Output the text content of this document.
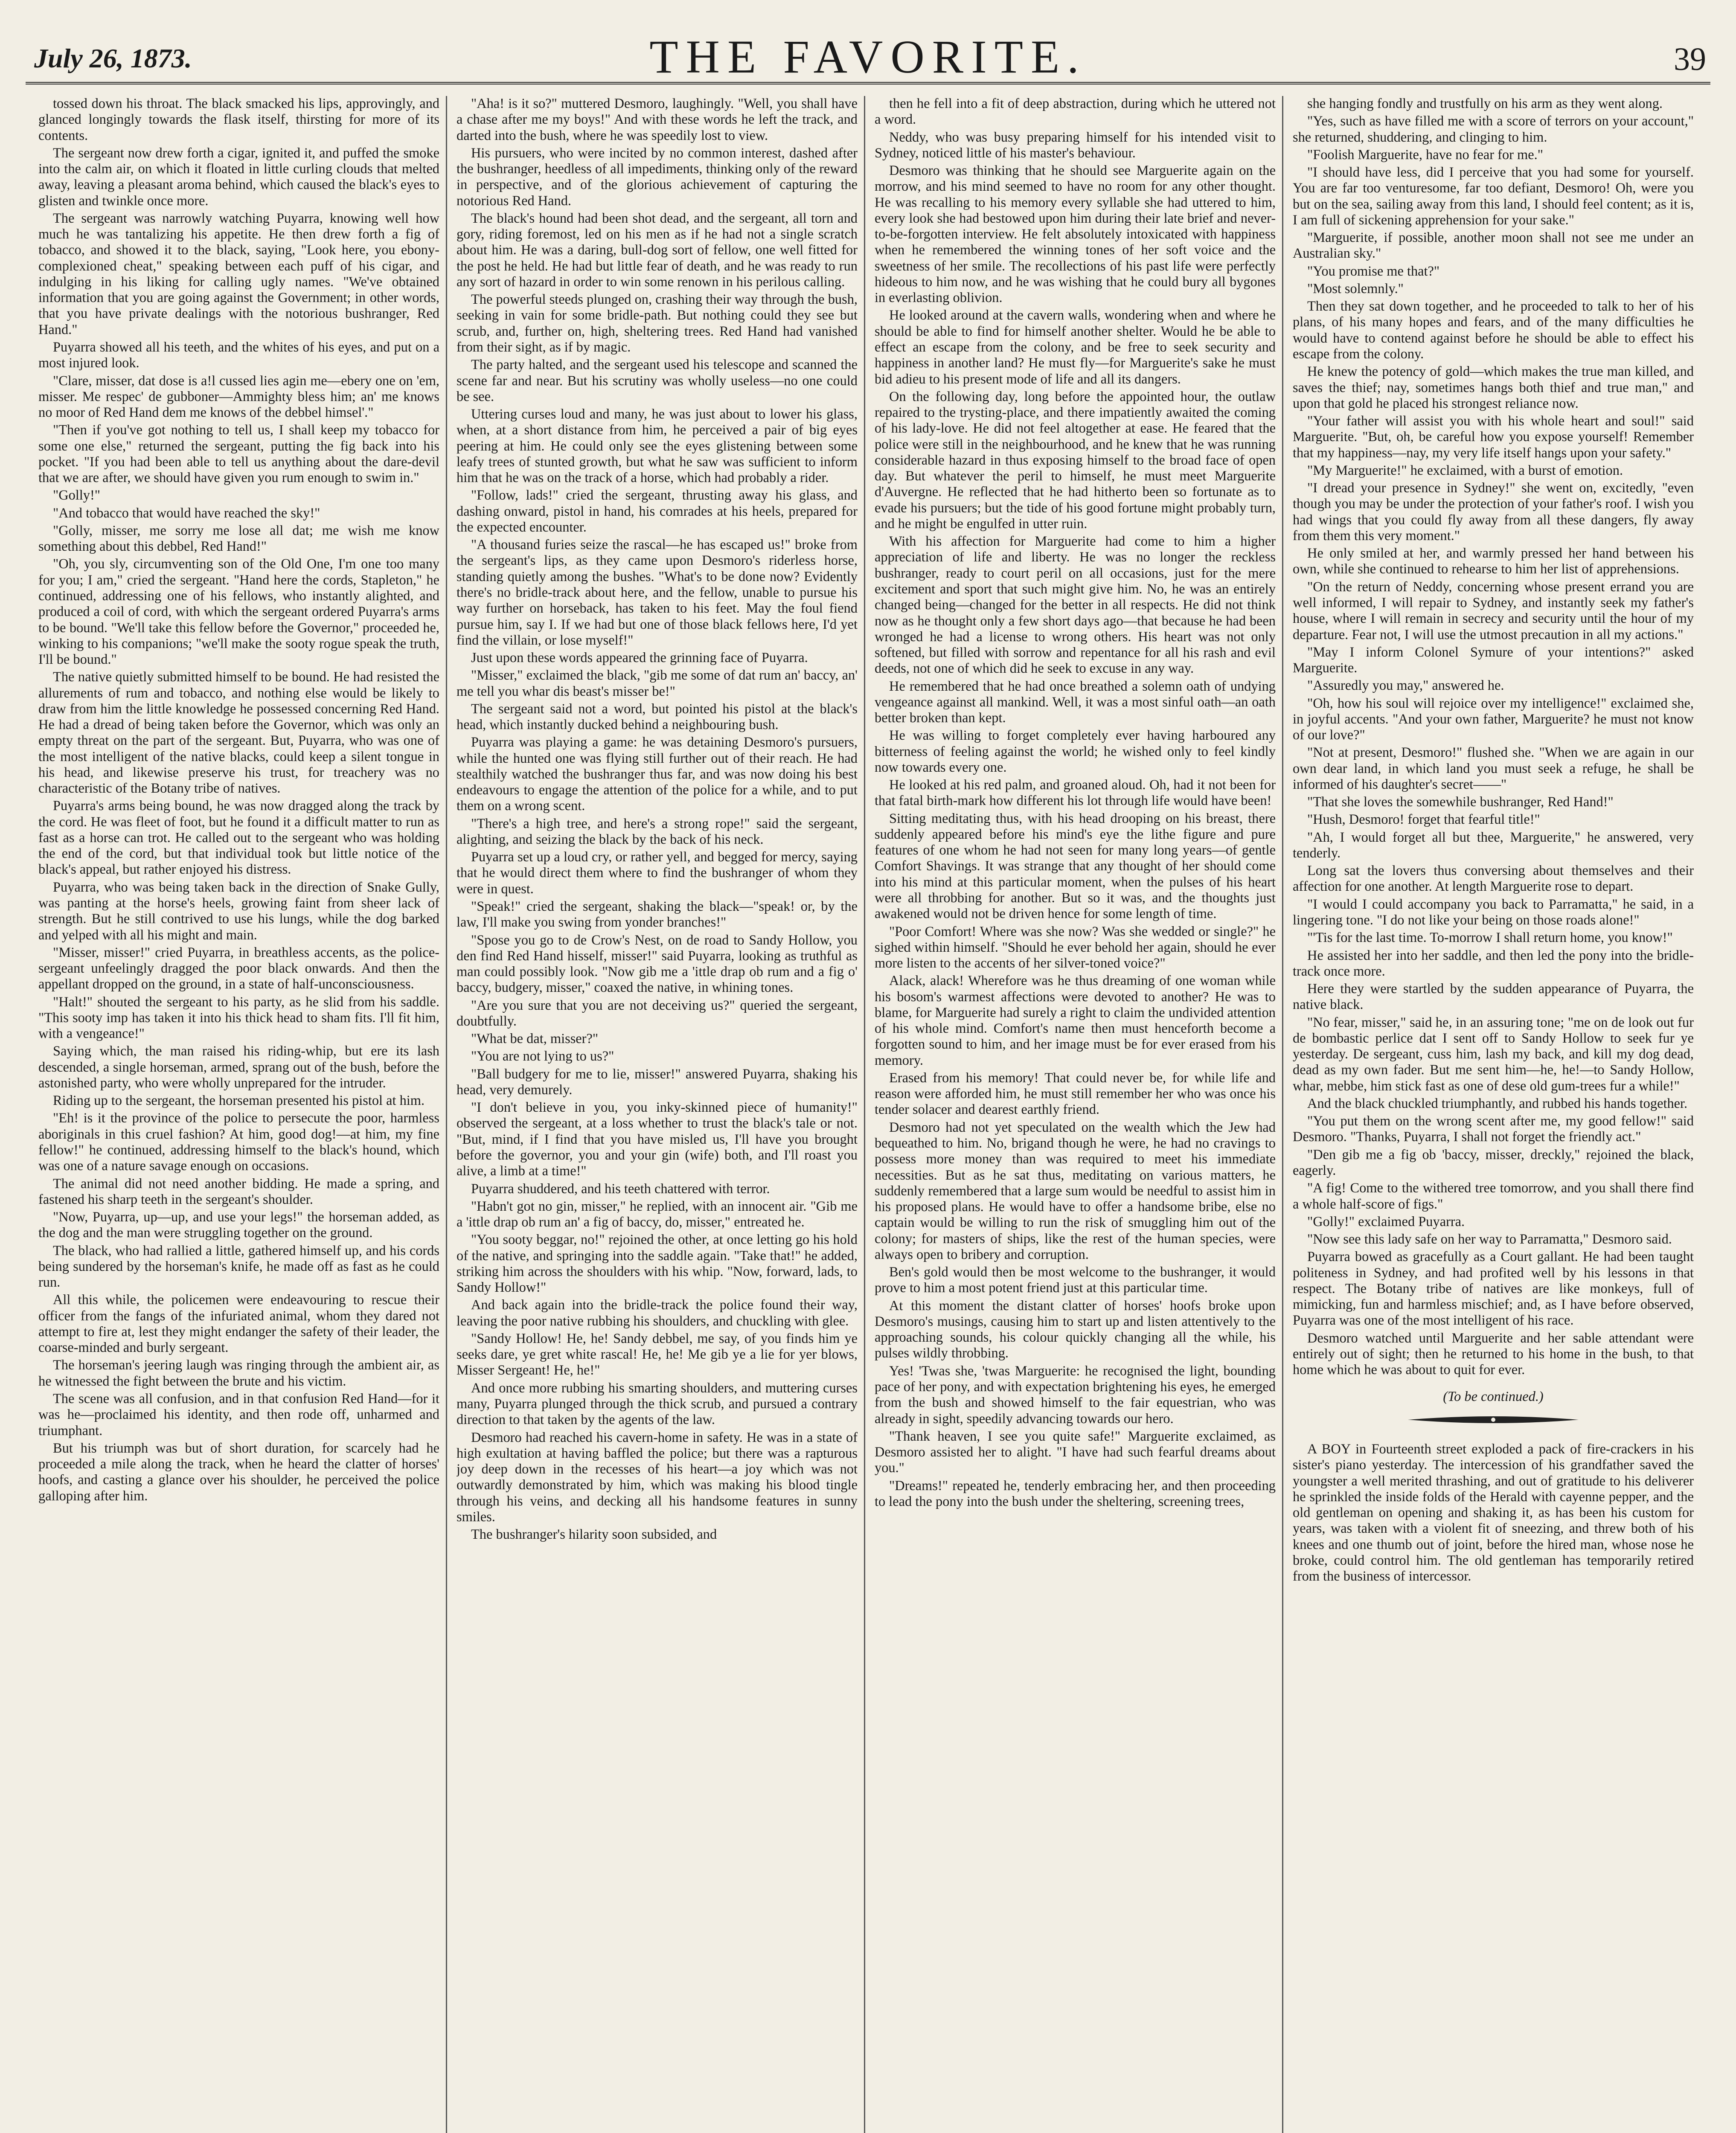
July 26, 1873.	THE FAVORITE.	39

tossed down his throat. The black smacked his lips, approvingly, and glanced longingly towards the flask itself, thirsting for more of its contents.

The sergeant now drew forth a cigar, ignited it, and puffed the smoke into the calm air, on which it floated in little curling clouds that melted away, leaving a pleasant aroma behind, which caused the black's eyes to glisten and twinkle once more.

The sergeant was narrowly watching Puyarra, knowing well how much he was tantalizing his appetite. He then drew forth a fig of tobacco, and showed it to the black, saying, "Look here, you ebony-complexioned cheat," speaking between each puff of his cigar, and indulging in his liking for calling ugly names. "We've obtained information that you are going against the Government; in other words, that you have private dealings with the notorious bushranger, Red Hand."

Puyarra showed all his teeth, and the whites of his eyes, and put on a most injured look.

"Clare, misser, dat dose is a!l cussed lies agin me—ebery one on 'em, misser. Me respec' de gubboner—Ammighty bless him; an' me knows no moor of Red Hand dem me knows of the debbel himsel'."

"Then if you've got nothing to tell us, I shall keep my tobacco for some one else," returned the sergeant, putting the fig back into his pocket. "If you had been able to tell us anything about the dare-devil that we are after, we should have given you rum enough to swim in."

"Golly!"

"And tobacco that would have reached the sky!"

"Golly, misser, me sorry me lose all dat; me wish me know something about this debbel, Red Hand!"

"Oh, you sly, circumventing son of the Old One, I'm one too many for you; I am," cried the sergeant. "Hand here the cords, Stapleton," he continued, addressing one of his fellows, who instantly alighted, and produced a coil of cord, with which the sergeant ordered Puyarra's arms to be bound. "We'll take this fellow before the Governor," proceeded he, winking to his companions; "we'll make the sooty rogue speak the truth, I'll be bound."

The native quietly submitted himself to be bound. He had resisted the allurements of rum and tobacco, and nothing else would be likely to draw from him the little knowledge he possessed concerning Red Hand. He had a dread of being taken before the Governor, which was only an empty threat on the part of the sergeant. But, Puyarra, who was one of the most intelligent of the native blacks, could keep a silent tongue in his head, and likewise preserve his trust, for treachery was no characteristic of the Botany tribe of natives.

Puyarra's arms being bound, he was now dragged along the track by the cord. He was fleet of foot, but he found it a difficult matter to run as fast as a horse can trot. He called out to the sergeant who was holding the end of the cord, but that individual took but little notice of the black's appeal, but rather enjoyed his distress.

Puyarra, who was being taken back in the direction of Snake Gully, was panting at the horse's heels, growing faint from sheer lack of strength. But he still contrived to use his lungs, while the dog barked and yelped with all his might and main.

"Misser, misser!" cried Puyarra, in breathless accents, as the police-sergeant unfeelingly dragged the poor black onwards. And then the appellant dropped on the ground, in a state of half-unconsciousness.

"Halt!" shouted the sergeant to his party, as he slid from his saddle. "This sooty imp has taken it into his thick head to sham fits. I'll fit him, with a vengeance!"

Saying which, the man raised his riding-whip, but ere its lash descended, a single horseman, armed, sprang out of the bush, before the astonished party, who were wholly unprepared for the intruder.

Riding up to the sergeant, the horseman presented his pistol at him.

"Eh! is it the province of the police to persecute the poor, harmless aboriginals in this cruel fashion? At him, good dog!—at him, my fine fellow!" he continued, addressing himself to the black's hound, which was one of a nature savage enough on occasions.

The animal did not need another bidding. He made a spring, and fastened his sharp teeth in the sergeant's shoulder.

"Now, Puyarra, up—up, and use your legs!" the horseman added, as the dog and the man were struggling together on the ground.

The black, who had rallied a little, gathered himself up, and his cords being sundered by the horseman's knife, he made off as fast as he could run.

All this while, the policemen were endeavouring to rescue their officer from the fangs of the infuriated animal, whom they dared not attempt to fire at, lest they might endanger the safety of their leader, the coarse-minded and burly sergeant.

The horseman's jeering laugh was ringing through the ambient air, as he witnessed the fight between the brute and his victim.

The scene was all confusion, and in that confusion Red Hand—for it was he—proclaimed his identity, and then rode off, unharmed and triumphant.

But his triumph was but of short duration, for scarcely had he proceeded a mile along the track, when he heard the clatter of horses' hoofs, and casting a glance over his shoulder, he perceived the police galloping after him.

"Aha! is it so?" muttered Desmoro, laughingly. "Well, you shall have a chase after me my boys!" And with these words he left the track, and darted into the bush, where he was speedily lost to view.

His pursuers, who were incited by no common interest, dashed after the bushranger, heedless of all impediments, thinking only of the reward in perspective, and of the glorious achievement of capturing the notorious Red Hand.

The black's hound had been shot dead, and the sergeant, all torn and gory, riding foremost, led on his men as if he had not a single scratch about him. He was a daring, bull-dog sort of fellow, one well fitted for the post he held. He had but little fear of death, and he was ready to run any sort of hazard in order to win some renown in his perilous calling.

The powerful steeds plunged on, crashing their way through the bush, seeking in vain for some bridle-path. But nothing could they see but scrub, and, further on, high, sheltering trees. Red Hand had vanished from their sight, as if by magic.

The party halted, and the sergeant used his telescope and scanned the scene far and near. But his scrutiny was wholly useless—no one could be see.

Uttering curses loud and many, he was just about to lower his glass, when, at a short distance from him, he perceived a pair of big eyes peering at him. He could only see the eyes glistening between some leafy trees of stunted growth, but what he saw was sufficient to inform him that he was on the track of a horse, which had probably a rider.

"Follow, lads!" cried the sergeant, thrusting away his glass, and dashing onward, pistol in hand, his comrades at his heels, prepared for the expected encounter.

"A thousand furies seize the rascal—he has escaped us!" broke from the sergeant's lips, as they came upon Desmoro's riderless horse, standing quietly among the bushes. "What's to be done now? Evidently there's no bridle-track about here, and the fellow, unable to pursue his way further on horseback, has taken to his feet. May the foul fiend pursue him, say I. If we had but one of those black fellows here, I'd yet find the villain, or lose myself!"

Just upon these words appeared the grinning face of Puyarra.

"Misser," exclaimed the black, "gib me some of dat rum an' baccy, an' me tell you whar dis beast's misser be!"

The sergeant said not a word, but pointed his pistol at the black's head, which instantly ducked behind a neighbouring bush.

Puyarra was playing a game: he was detaining Desmoro's pursuers, while the hunted one was flying still further out of their reach. He had stealthily watched the bushranger thus far, and was now doing his best endeavours to engage the attention of the police for a while, and to put them on a wrong scent.

"There's a high tree, and here's a strong rope!" said the sergeant, alighting, and seizing the black by the back of his neck.

Puyarra set up a loud cry, or rather yell, and begged for mercy, saying that he would direct them where to find the bushranger of whom they were in quest.

"Speak!" cried the sergeant, shaking the black—"speak! or, by the law, I'll make you swing from yonder branches!"

"Spose you go to de Crow's Nest, on de road to Sandy Hollow, you den find Red Hand hisself, misser!" said Puyarra, looking as truthful as man could possibly look. "Now gib me a 'ittle drap ob rum and a fig o' baccy, budgery, misser," coaxed the native, in whining tones.

"Are you sure that you are not deceiving us?" queried the sergeant, doubtfully.

"What be dat, misser?"

"You are not lying to us?"

"Ball budgery for me to lie, misser!" answered Puyarra, shaking his head, very demurely.

"I don't believe in you, you inky-skinned piece of humanity!" observed the sergeant, at a loss whether to trust the black's tale or not. "But, mind, if I find that you have misled us, I'll have you brought before the governor, you and your gin (wife) both, and I'll roast you alive, a limb at a time!"

Puyarra shuddered, and his teeth chattered with terror.

"Habn't got no gin, misser," he replied, with an innocent air. "Gib me a 'ittle drap ob rum an' a fig of baccy, do, misser," entreated he.

"You sooty beggar, no!" rejoined the other, at once letting go his hold of the native, and springing into the saddle again. "Take that!" he added, striking him across the shoulders with his whip. "Now, forward, lads, to Sandy Hollow!"

And back again into the bridle-track the police found their way, leaving the poor native rubbing his shoulders, and chuckling with glee.

"Sandy Hollow! He, he! Sandy debbel, me say, of you finds him ye seeks dare, ye gret white rascal! He, he! Me gib ye a lie for yer blows, Misser Sergeant! He, he!"

And once more rubbing his smarting shoulders, and muttering curses many, Puyarra plunged through the thick scrub, and pursued a contrary direction to that taken by the agents of the law.

Desmoro had reached his cavern-home in safety. He was in a state of high exultation at having baffled the police; but there was a rapturous joy deep down in the recesses of his heart—a joy which was not outwardly demonstrated by him, which was making his blood tingle through his veins, and decking all his handsome features in sunny smiles.

The bushranger's hilarity soon subsided, and

then he fell into a fit of deep abstraction, during which he uttered not a word.

Neddy, who was busy preparing himself for his intended visit to Sydney, noticed little of his master's behaviour.

Desmoro was thinking that he should see Marguerite again on the morrow, and his mind seemed to have no room for any other thought. He was recalling to his memory every syllable she had uttered to him, every look she had bestowed upon him during their late brief and never-to-be-forgotten interview. He felt absolutely intoxicated with happiness when he remembered the winning tones of her soft voice and the sweetness of her smile. The recollections of his past life were perfectly hideous to him now, and he was wishing that he could bury all bygones in everlasting oblivion.

He looked around at the cavern walls, wondering when and where he should be able to find for himself another shelter. Would he be able to effect an escape from the colony, and be free to seek security and happiness in another land? He must fly—for Marguerite's sake he must bid adieu to his present mode of life and all its dangers.

On the following day, long before the appointed hour, the outlaw repaired to the trysting-place, and there impatiently awaited the coming of his lady-love. He did not feel altogether at ease. He feared that the police were still in the neighbourhood, and he knew that he was running considerable hazard in thus exposing himself to the broad face of open day. But whatever the peril to himself, he must meet Marguerite d'Auvergne. He reflected that he had hitherto been so fortunate as to evade his pursuers; but the tide of his good fortune might probably turn, and he might be engulfed in utter ruin.

With his affection for Marguerite had come to him a higher appreciation of life and liberty. He was no longer the reckless bushranger, ready to court peril on all occasions, just for the mere excitement and sport that such might give him. No, he was an entirely changed being—changed for the better in all respects. He did not think now as he thought only a few short days ago—that because he had been wronged he had a license to wrong others. His heart was not only softened, but filled with sorrow and repentance for all his rash and evil deeds, not one of which did he seek to excuse in any way.

He remembered that he had once breathed a solemn oath of undying vengeance against all mankind. Well, it was a most sinful oath—an oath better broken than kept.

He was willing to forget completely ever having harboured any bitterness of feeling against the world; he wished only to feel kindly now towards every one.

He looked at his red palm, and groaned aloud. Oh, had it not been for that fatal birth-mark how different his lot through life would have been!

Sitting meditating thus, with his head drooping on his breast, there suddenly appeared before his mind's eye the lithe figure and pure features of one whom he had not seen for many long years—of gentle Comfort Shavings. It was strange that any thought of her should come into his mind at this particular moment, when the pulses of his heart were all throbbing for another. But so it was, and the thoughts just awakened would not be driven hence for some length of time.

"Poor Comfort! Where was she now? Was she wedded or single?" he sighed within himself. "Should he ever behold her again, should he ever more listen to the accents of her silver-toned voice?"

Alack, alack! Wherefore was he thus dreaming of one woman while his bosom's warmest affections were devoted to another? He was to blame, for Marguerite had surely a right to claim the undivided attention of his whole mind. Comfort's name then must henceforth become a forgotten sound to him, and her image must be for ever erased from his memory.

Erased from his memory! That could never be, for while life and reason were afforded him, he must still remember her who was once his tender solacer and dearest earthly friend.

Desmoro had not yet speculated on the wealth which the Jew had bequeathed to him. No, brigand though he were, he had no cravings to possess more money than was required to meet his immediate necessities. But as he sat thus, meditating on various matters, he suddenly remembered that a large sum would be needful to assist him in his proposed plans. He would have to offer a handsome bribe, else no captain would be willing to run the risk of smuggling him out of the colony; for masters of ships, like the rest of the human species, were always open to bribery and corruption.

Ben's gold would then be most welcome to the bushranger, it would prove to him a most potent friend just at this particular time.

At this moment the distant clatter of horses' hoofs broke upon Desmoro's musings, causing him to start up and listen attentively to the approaching sounds, his colour quickly changing all the while, his pulses wildly throbbing.

Yes! 'Twas she, 'twas Marguerite: he recognised the light, bounding pace of her pony, and with expectation brightening his eyes, he emerged from the bush and showed himself to the fair equestrian, who was already in sight, speedily advancing towards our hero.

"Thank heaven, I see you quite safe!" Marguerite exclaimed, as Desmoro assisted her to alight. "I have had such fearful dreams about you."

"Dreams!" repeated he, tenderly embracing her, and then proceeding to lead the pony into the bush under the sheltering, screening trees,

she hanging fondly and trustfully on his arm as they went along.

"Yes, such as have filled me with a score of terrors on your account," she returned, shuddering, and clinging to him.

"Foolish Marguerite, have no fear for me."

"I should have less, did I perceive that you had some for yourself. You are far too venturesome, far too defiant, Desmoro! Oh, were you but on the sea, sailing away from this land, I should feel content; as it is, I am full of sickening apprehension for your sake."

"Marguerite, if possible, another moon shall not see me under an Australian sky."

"You promise me that?"

"Most solemnly."

Then they sat down together, and he proceeded to talk to her of his plans, of his many hopes and fears, and of the many difficulties he would have to contend against before he should be able to effect his escape from the colony.

He knew the potency of gold—which makes the true man killed, and saves the thief; nay, sometimes hangs both thief and true man," and upon that gold he placed his strongest reliance now.

"Your father will assist you with his whole heart and soul!" said Marguerite. "But, oh, be careful how you expose yourself! Remember that my happiness—nay, my very life itself hangs upon your safety."

"My Marguerite!" he exclaimed, with a burst of emotion.

"I dread your presence in Sydney!" she went on, excitedly, "even though you may be under the protection of your father's roof. I wish you had wings that you could fly away from all these dangers, fly away from them this very moment."

He only smiled at her, and warmly pressed her hand between his own, while she continued to rehearse to him her list of apprehensions.

"On the return of Neddy, concerning whose present errand you are well informed, I will repair to Sydney, and instantly seek my father's house, where I will remain in secrecy and security until the hour of my departure. Fear not, I will use the utmost precaution in all my actions."

"May I inform Colonel Symure of your intentions?" asked Marguerite.

"Assuredly you may," answered he.

"Oh, how his soul will rejoice over my intelligence!" exclaimed she, in joyful accents. "And your own father, Marguerite? he must not know of our love?"

"Not at present, Desmoro!" flushed she. "When we are again in our own dear land, in which land you must seek a refuge, he shall be informed of his daughter's secret——"

"That she loves the somewhile bushranger, Red Hand!"

"Hush, Desmoro! forget that fearful title!"

"Ah, I would forget all but thee, Marguerite," he answered, very tenderly.

Long sat the lovers thus conversing about themselves and their affection for one another. At length Marguerite rose to depart.

"I would I could accompany you back to Parramatta," he said, in a lingering tone. "I do not like your being on those roads alone!"

"'Tis for the last time. To-morrow I shall return home, you know!"

He assisted her into her saddle, and then led the pony into the bridle-track once more.

Here they were startled by the sudden appearance of Puyarra, the native black.

"No fear, misser," said he, in an assuring tone; "me on de look out fur de bombastic perlice dat I sent off to Sandy Hollow to seek fur ye yesterday. De sergeant, cuss him, lash my back, and kill my dog dead, dead as my own fader. But me sent him—he, he!—to Sandy Hollow, whar, mebbe, him stick fast as one of dese old gum-trees fur a while!"

And the black chuckled triumphantly, and rubbed his hands together.

"You put them on the wrong scent after me, my good fellow!" said Desmoro. "Thanks, Puyarra, I shall not forget the friendly act."

"Den gib me a fig ob 'baccy, misser, dreckly," rejoined the black, eagerly.

"A fig! Come to the withered tree tomorrow, and you shall there find a whole half-score of figs."

"Golly!" exclaimed Puyarra.

"Now see this lady safe on her way to Parramatta," Desmoro said.

Puyarra bowed as gracefully as a Court gallant. He had been taught politeness in Sydney, and had profited well by his lessons in that respect. The Botany tribe of natives are like monkeys, full of mimicking, fun and harmless mischief; and, as I have before observed, Puyarra was one of the most intelligent of his race.

Desmoro watched until Marguerite and her sable attendant were entirely out of sight; then he returned to his home in the bush, to that home which he was about to quit for ever.

(To be continued.)

A BOY in Fourteenth street exploded a pack of fire-crackers in his sister's piano yesterday. The intercession of his grandfather saved the youngster a well merited thrashing, and out of gratitude to his deliverer he sprinkled the inside folds of the Herald with cayenne pepper, and the old gentleman on opening and shaking it, as has been his custom for years, was taken with a violent fit of sneezing, and threw both of his knees and one thumb out of joint, before the hired man, whose nose he broke, could control him. The old gentleman has temporarily retired from the business of intercessor.
